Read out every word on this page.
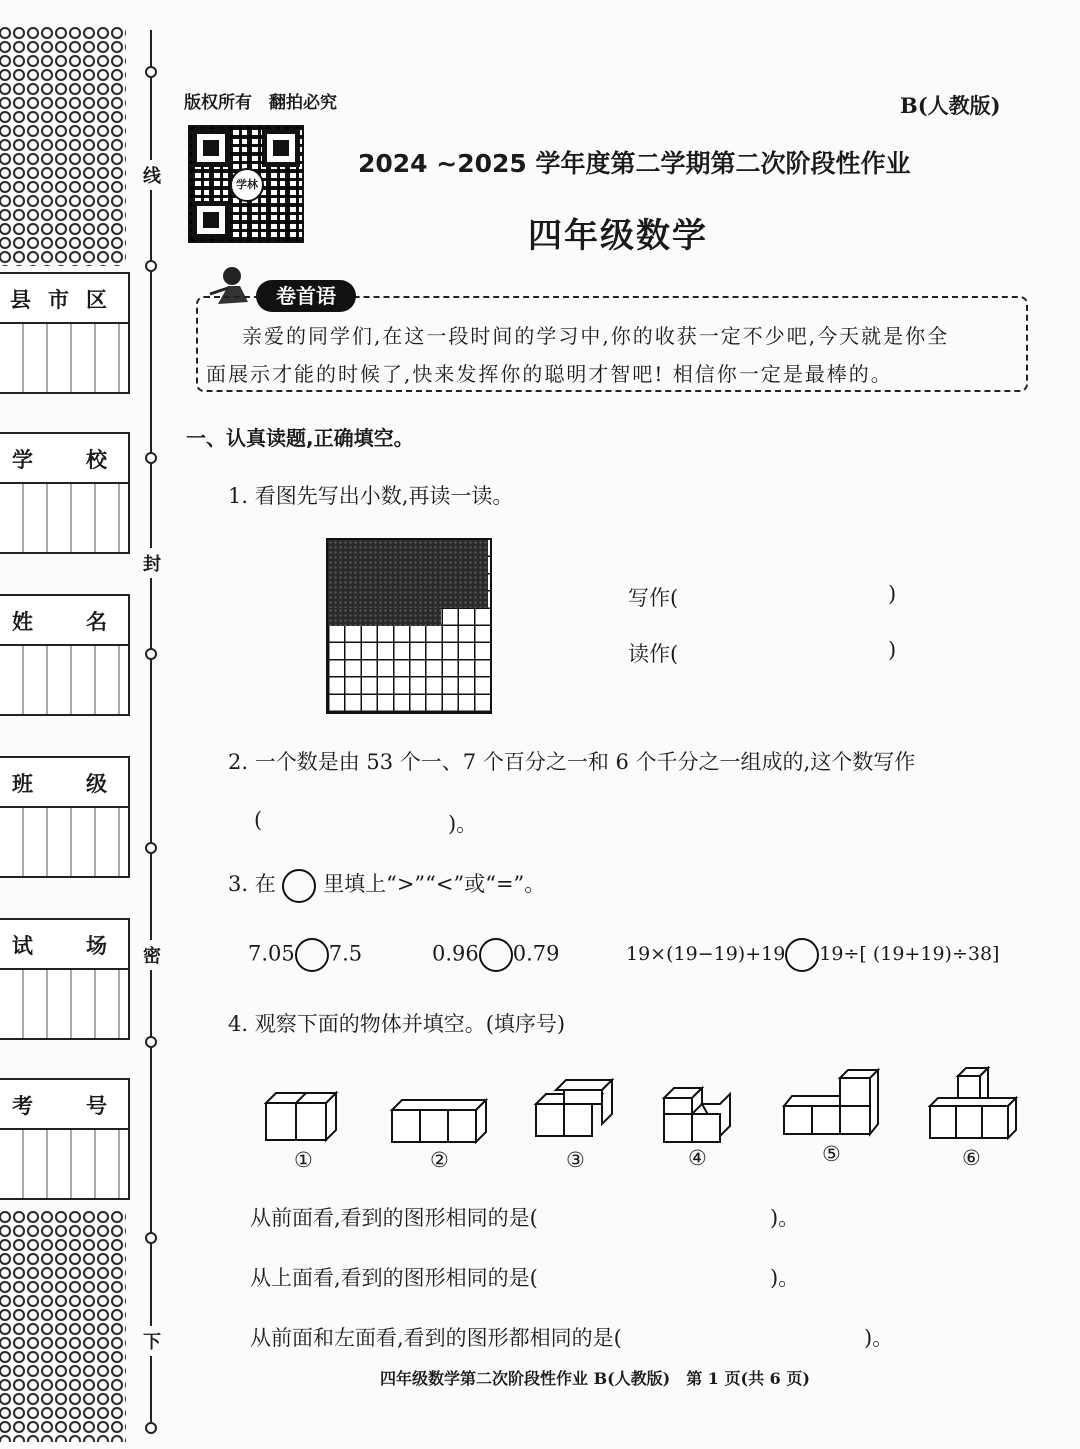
线
封
密
下
县 市 区
学	校
姓	名
班	级
试	场
考	号
版权所有　翻拍必究	B(人教版)
学林
2024 ~2025 学年度第二学期第二次阶段性作业
四年级数学
卷首语
亲爱的同学们,在这一段时间的学习中,你的收获一定不少吧,今天就是你全
面展示才能的时候了,快来发挥你的聪明才智吧! 相信你一定是最棒的。
一、认真读题,正确填空。
1. 看图先写出小数,再读一读。
写作(	)
读作(	)
2. 一个数是由 53 个一、7 个百分之一和 6 个千分之一组成的,这个数写作
(	)。
3. 在 里填上“>”“<”或“=”。
7.05 7.5	0.96 0.79	19×(19−19)+19 19÷[ (19+19)÷38]
4. 观察下面的物体并填空。(填序号)
①	②	③	④	⑤	⑥
从前面看,看到的图形相同的是(	)。
从上面看,看到的图形相同的是(	)。
从前面和左面看,看到的图形都相同的是(	)。
四年级数学第二次阶段性作业 B(人教版)　第 1 页(共 6 页)
